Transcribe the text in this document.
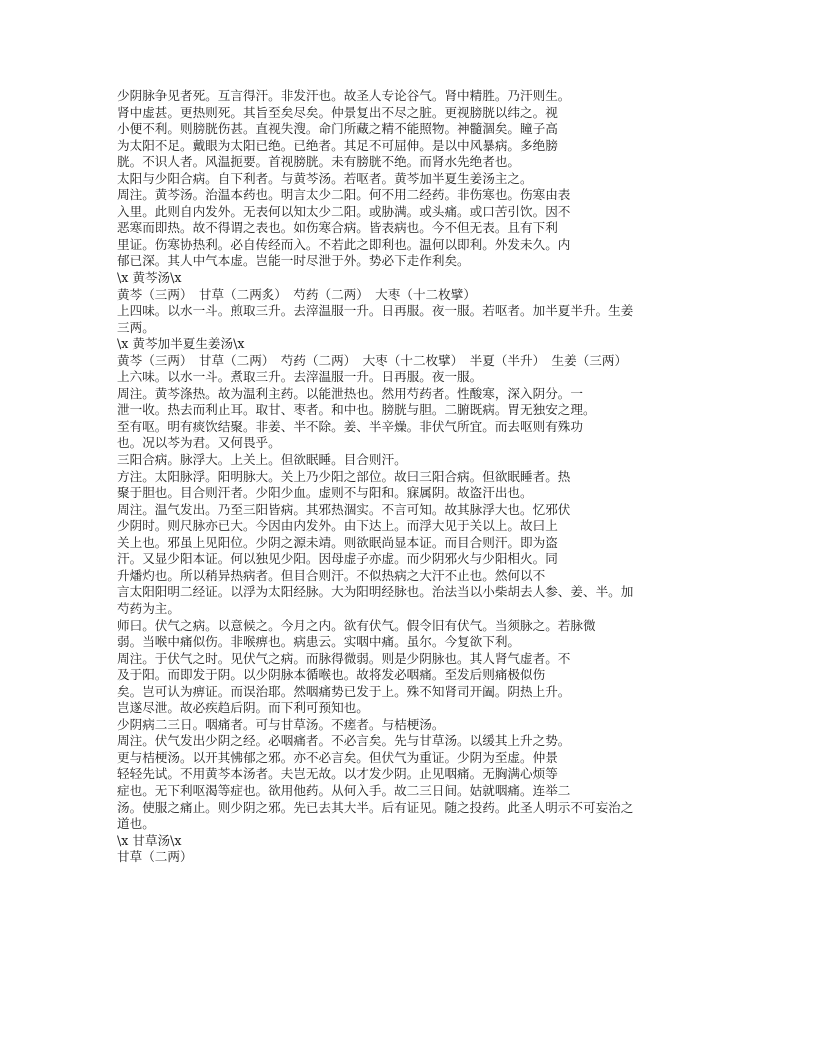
少阴脉争见者死。互言得汗。非发汗也。故圣人专论谷气。肾中精胜。乃汗则生。
肾中虚甚。更热则死。其旨至矣尽矣。仲景复出不尽之脏。更视膀胱以纬之。视
小便不利。则膀胱伤甚。直视失溲。命门所藏之精不能照物。神髓涸矣。瞳子高
为太阳不足。戴眼为太阳已绝。已绝者。其足不可屈伸。是以中风暴病。多绝膀
胱。不识人者。风温扼要。首视膀胱。未有膀胱不绝。而肾水先绝者也。
太阳与少阳合病。自下利者。与黄芩汤。若呕者。黄芩加半夏生姜汤主之。
周注。黄芩汤。治温本药也。明言太少二阳。何不用二经药。非伤寒也。伤寒由表
入里。此则自内发外。无表何以知太少二阳。或胁满。或头痛。或口苦引饮。因不
恶寒而即热。故不得谓之表也。如伤寒合病。皆表病也。今不但无表。且有下利
里证。伤寒协热利。必自传经而入。不若此之即利也。温何以即利。外发未久。内
郁已深。其人中气本虚。岂能一时尽泄于外。势必下走作利矣。
\x 黄芩汤\x
黄芩（三两）　甘草（二两炙）　芍药（二两）　大枣（十二枚擘）
上四味。以水一斗。煎取三升。去滓温服一升。日再服。夜一服。若呕者。加半夏半升。生姜
三两。
\x 黄芩加半夏生姜汤\x
黄芩（三两）　甘草（二两）　芍药（二两）　大枣（十二枚擘）　半夏（半升）　生姜（三两）
上六味。以水一斗。煮取三升。去滓温服一升。日再服。夜一服。
周注。黄芩涤热。故为温利主药。以能泄热也。然用芍药者。性酸寒，深入阴分。一
泄一收。热去而利止耳。取甘、枣者。和中也。膀胱与胆。二腑既病。胃无独安之理。
至有呕。明有痰饮结聚。非姜、半不除。姜、半辛燥。非伏气所宜。而去呕则有殊功
也。况以芩为君。又何畏乎。
三阳合病。脉浮大。上关上。但欲眠睡。目合则汗。
方注。太阳脉浮。阳明脉大。关上乃少阳之部位。故曰三阳合病。但欲眠睡者。热
聚于胆也。目合则汗者。少阳少血。虚则不与阳和。寐属阴。故盗汗出也。
周注。温气发出。乃至三阳皆病。其邪热涸实。不言可知。故其脉浮大也。忆邪伏
少阴时。则尺脉亦已大。今因由内发外。由下达上。而浮大见于关以上。故曰上
关上也。邪虽上见阳位。少阴之源未靖。则欲眠尚显本证。而目合则汗。即为盗
汗。又显少阳本证。何以独见少阳。因母虚子亦虚。而少阴邪火与少阳相火。同
升燔灼也。所以稍异热病者。但目合则汗。不似热病之大汗不止也。然何以不
言太阳阳明二经证。以浮为太阳经脉。大为阳明经脉也。治法当以小柴胡去人参、姜、半。加
芍药为主。
师曰。伏气之病。以意候之。今月之内。欲有伏气。假令旧有伏气。当须脉之。若脉微
弱。当喉中痛似伤。非喉痹也。病患云。实咽中痛。虽尔。今复欲下利。
周注。于伏气之时。见伏气之病。而脉得微弱。则是少阴脉也。其人肾气虚者。不
及于阳。而即发于阴。以少阴脉本循喉也。故将发必咽痛。至发后则痛极似伤
矣。岂可认为痹证。而误治耶。然咽痛势已发于上。殊不知肾司开阖。阴热上升。
岂遂尽泄。故必疾趋后阴。而下利可预知也。
少阴病二三日。咽痛者。可与甘草汤。不瘥者。与桔梗汤。
周注。伏气发出少阴之经。必咽痛者。不必言矣。先与甘草汤。以缓其上升之势。
更与桔梗汤。以开其怫郁之邪。亦不必言矣。但伏气为重证。少阴为至虚。仲景
轻轻先试。不用黄芩本汤者。夫岂无故。以才发少阴。止见咽痛。无胸满心烦等
症也。无下利呕渴等症也。欲用他药。从何入手。故二三日间。姑就咽痛。连举二
汤。使服之痛止。则少阴之邪。先已去其大半。后有证见。随之投药。此圣人明示不可妄治之
道也。
\x 甘草汤\x
甘草（二两）
